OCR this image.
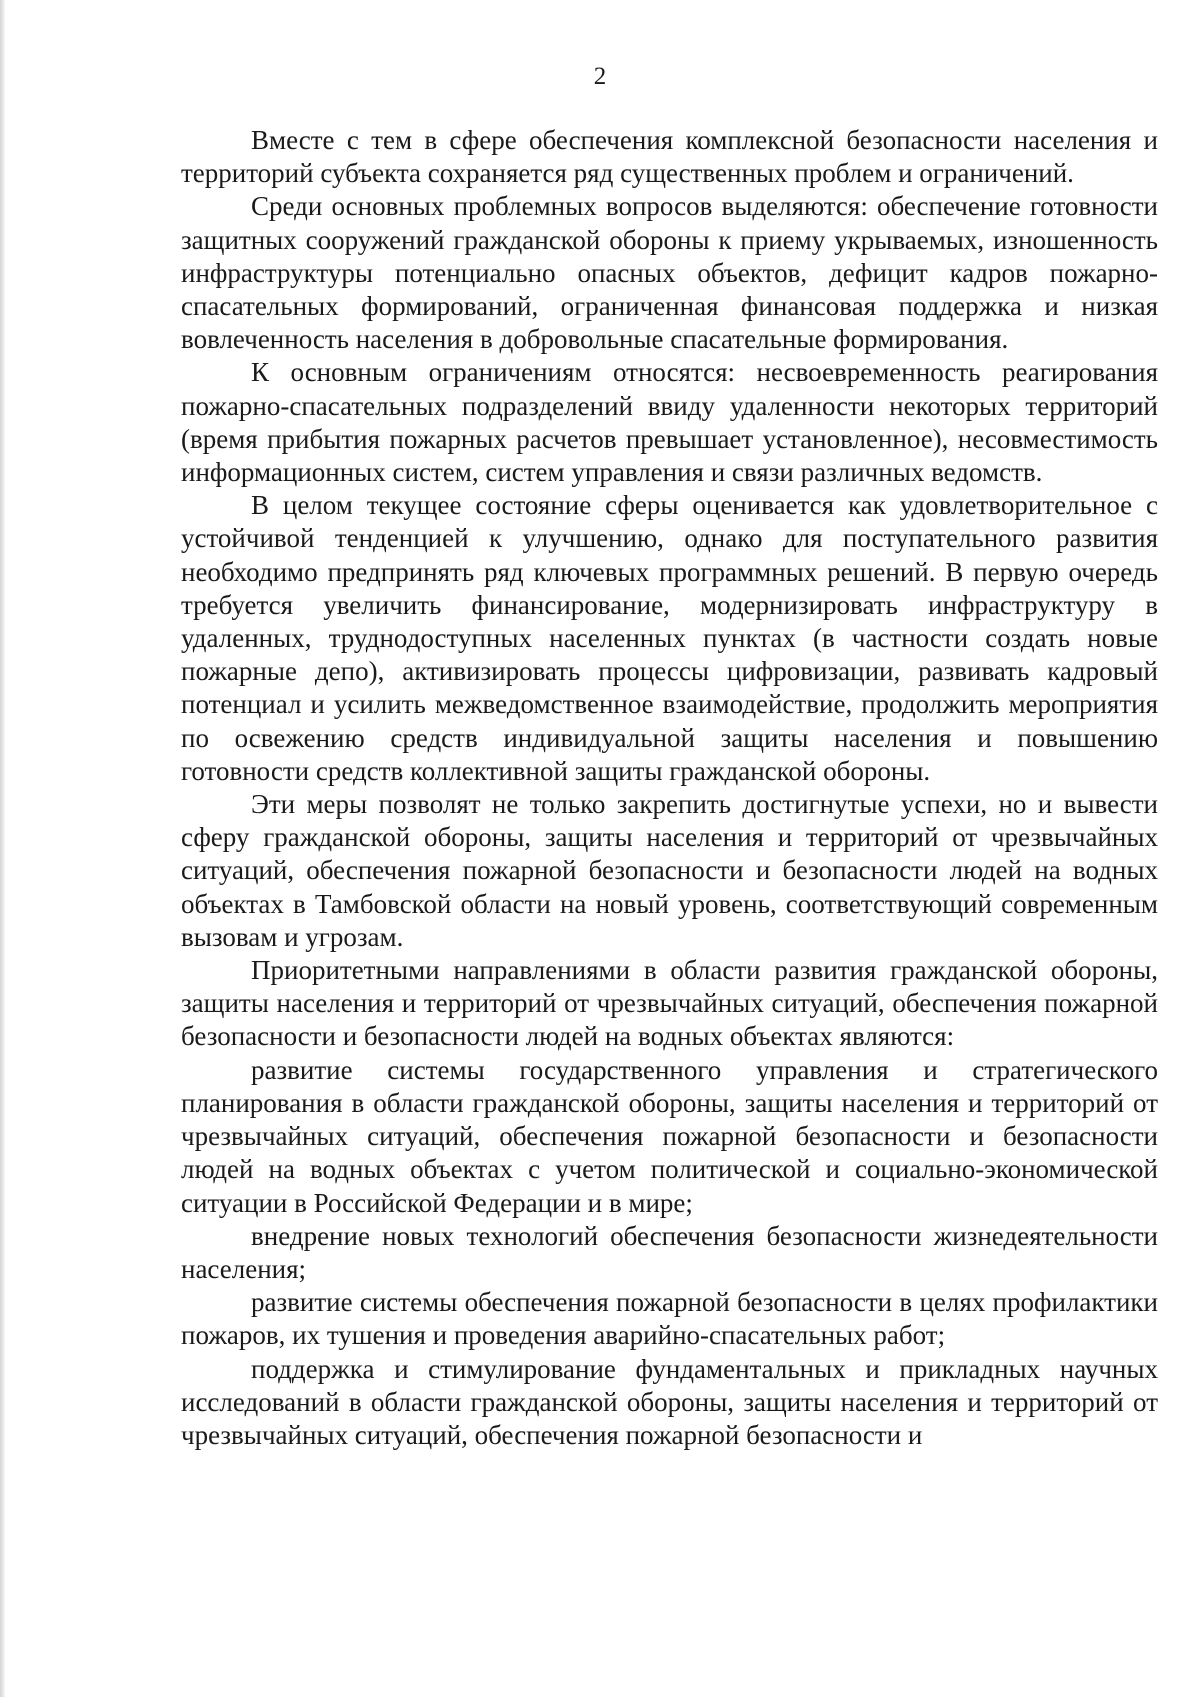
2

Вместе с тем в сфере обеспечения комплексной безопасности населения и территорий субъекта сохраняется ряд существенных проблем и ограничений.

Среди основных проблемных вопросов выделяются: обеспечение готовности защитных сооружений гражданской обороны к приему укрываемых, изношенность инфраструктуры потенциально опасных объектов, дефицит кадров пожарно-спасательных формирований, ограниченная финансовая поддержка и низкая вовлеченность населения в добровольные спасательные формирования.

К основным ограничениям относятся: несвоевременность реагирования пожарно-спасательных подразделений ввиду удаленности некоторых территорий (время прибытия пожарных расчетов превышает установленное), несовместимость информационных систем, систем управления и связи различных ведомств.

В целом текущее состояние сферы оценивается как удовлетворительное с устойчивой тенденцией к улучшению, однако для поступательного развития необходимо предпринять ряд ключевых программных решений. В первую очередь требуется увеличить финансирование, модернизировать инфраструктуру в удаленных, труднодоступных населенных пунктах (в частности создать новые пожарные депо), активизировать процессы цифровизации, развивать кадровый потенциал и усилить межведомственное взаимодействие, продолжить мероприятия по освежению средств индивидуальной защиты населения и повышению готовности средств коллективной защиты гражданской обороны.

Эти меры позволят не только закрепить достигнутые успехи, но и вывести сферу гражданской обороны, защиты населения и территорий от чрезвычайных ситуаций, обеспечения пожарной безопасности и безопасности людей на водных объектах в Тамбовской области на новый уровень, соответствующий современным вызовам и угрозам.

Приоритетными направлениями в области развития гражданской обороны, защиты населения и территорий от чрезвычайных ситуаций, обеспечения пожарной безопасности и безопасности людей на водных объектах являются:

развитие системы государственного управления и стратегического планирования в области гражданской обороны, защиты населения и территорий от чрезвычайных ситуаций, обеспечения пожарной безопасности и безопасности людей на водных объектах с учетом политической и социально-экономической ситуации в Российской Федерации и в мире;

внедрение новых технологий обеспечения безопасности жизнедеятельности населения;

развитие системы обеспечения пожарной безопасности в целях профилактики пожаров, их тушения и проведения аварийно-спасательных работ;

поддержка и стимулирование фундаментальных и прикладных научных исследований в области гражданской обороны, защиты населения и территорий от чрезвычайных ситуаций, обеспечения пожарной безопасности и
